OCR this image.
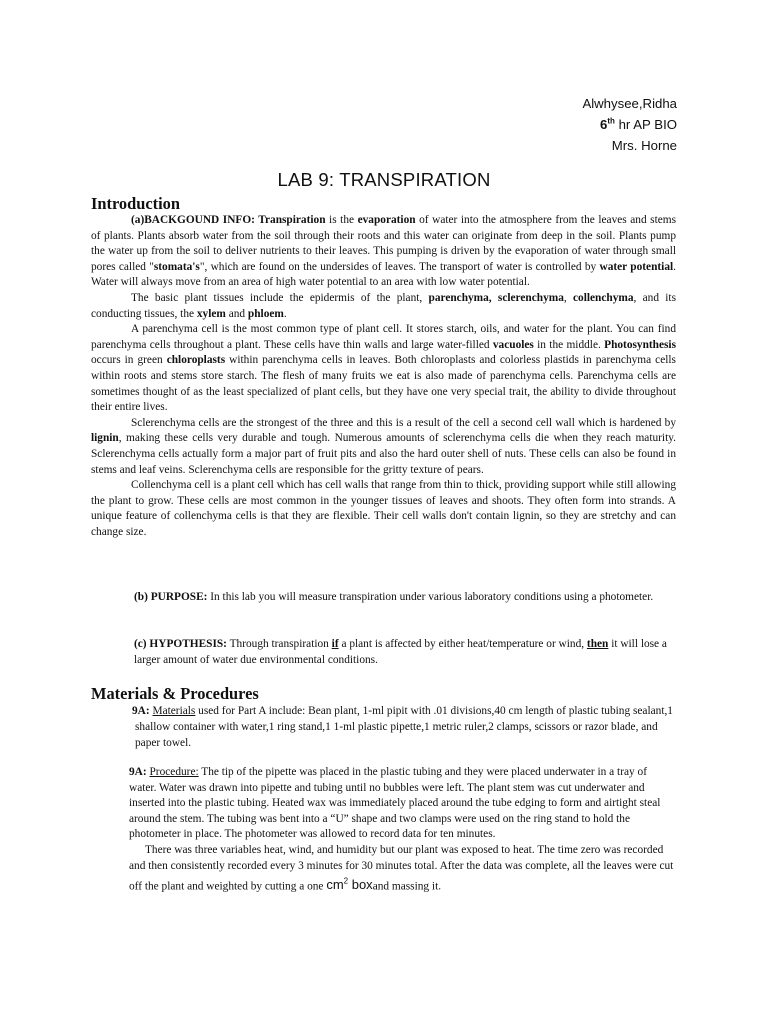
Alwhysee,Ridha
6th hr AP BIO
Mrs. Horne
LAB 9: TRANSPIRATION
Introduction

(a)BACKGOUND INFO: Transpiration is the evaporation of water into the atmosphere from the leaves and stems of plants. Plants absorb water from the soil through their roots and this water can originate from deep in the soil. Plants pump the water up from the soil to deliver nutrients to their leaves. This pumping is driven by the evaporation of water through small pores called "stomata's", which are found on the undersides of leaves. The transport of water is controlled by water potential. Water will always move from an area of high water potential to an area with low water potential.

The basic plant tissues include the epidermis of the plant, parenchyma, sclerenchyma, collenchyma, and its conducting tissues, the xylem and phloem.

A parenchyma cell is the most common type of plant cell. It stores starch, oils, and water for the plant. You can find parenchyma cells throughout a plant. These cells have thin walls and large water-filled vacuoles in the middle. Photosynthesis occurs in green chloroplasts within parenchyma cells in leaves. Both chloroplasts and colorless plastids in parenchyma cells within roots and stems store starch. The flesh of many fruits we eat is also made of parenchyma cells. Parenchyma cells are sometimes thought of as the least specialized of plant cells, but they have one very special trait, the ability to divide throughout their entire lives.

Sclerenchyma cells are the strongest of the three and this is a result of the cell a second cell wall which is hardened by lignin, making these cells very durable and tough. Numerous amounts of sclerenchyma cells die when they reach maturity. Sclerenchyma cells actually form a major part of fruit pits and also the hard outer shell of nuts. These cells can also be found in stems and leaf veins. Sclerenchyma cells are responsible for the gritty texture of pears.

Collenchyma cell is a plant cell which has cell walls that range from thin to thick, providing support while still allowing the plant to grow. These cells are most common in the younger tissues of leaves and shoots. They often form into strands. A unique feature of collenchyma cells is that they are flexible. Their cell walls don't contain lignin, so they are stretchy and can change size.

(b) PURPOSE: In this lab you will measure transpiration under various laboratory conditions using a photometer.

(c) HYPOTHESIS: Through transpiration if a plant is affected by either heat/temperature or wind, then it will lose a larger amount of water due environmental conditions.

Materials & Procedures

9A: Materials used for Part A include: Bean plant, 1-ml pipit with .01 divisions,40 cm length of plastic tubing sealant,1 shallow container with water,1 ring stand,1 1-ml plastic pipette,1 metric ruler,2 clamps, scissors or razor blade, and paper towel.

9A: Procedure: The tip of the pipette was placed in the plastic tubing and they were placed underwater in a tray of water. Water was drawn into pipette and tubing until no bubbles were left. The plant stem was cut underwater and inserted into the plastic tubing. Heated wax was immediately placed around the tube edging to form and airtight steal around the stem. The tubing was bent into a “U” shape and two clamps were used on the ring stand to hold the photometer in place. The photometer was allowed to record data for ten minutes.

There was three variables heat, wind, and humidity but our plant was exposed to heat. The time zero was recorded and then consistently recorded every 3 minutes for 30 minutes total. After the data was complete, all the leaves were cut off the plant and weighted by cutting a one $cm^2$ boxand massing it.
